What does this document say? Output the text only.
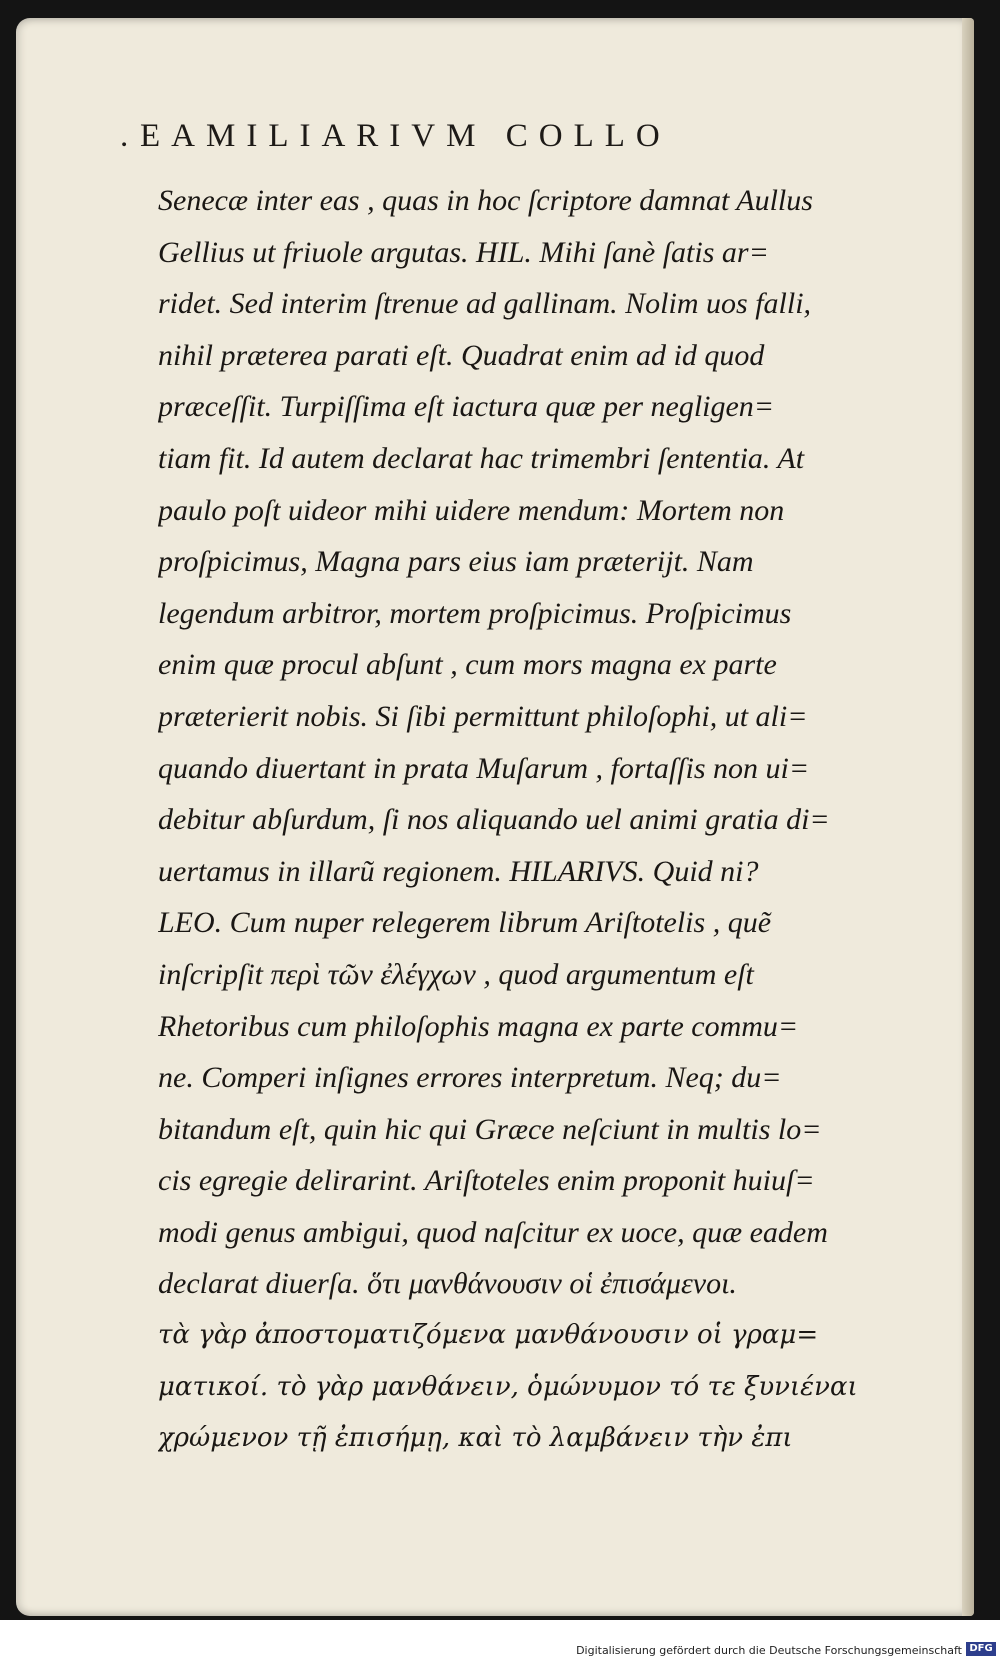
. EAMILIARIVM COLLO
Senecæ inter eas , quas in hoc ſcriptore damnat Aullus
Gellius ut friuole argutas. HIL. Mihi ſanè ſatis ar=
ridet. Sed interim ſtrenue ad gallinam. Nolim uos falli,
nihil præterea parati eſt. Quadrat enim ad id quod
præceſſit. Turpiſſima eſt iactura quæ per negligen=
tiam fit. Id autem declarat hac trimembri ſententia. At
paulo poſt uideor mihi uidere mendum: Mortem non
proſpicimus, Magna pars eius iam præterijt. Nam
legendum arbitror, mortem proſpicimus. Proſpicimus
enim quæ procul abſunt , cum mors magna ex parte
præterierit nobis. Si ſibi permittunt philoſophi, ut ali=
quando diuertant in prata Muſarum , fortaſſis non ui=
debitur abſurdum, ſi nos aliquando uel animi gratia di=
uertamus in illarũ regionem. HILARIVS. Quid ni?
LEO. Cum nuper relegerem librum Ariſtotelis , quẽ
inſcripſit περὶ τῶν ἐλέγχων , quod argumentum eſt
Rhetoribus cum philoſophis magna ex parte commu=
ne. Comperi inſignes errores interpretum. Neq; du=
bitandum eſt, quin hic qui Græce neſciunt in multis lo=
cis egregie delirarint. Ariſtoteles enim proponit huiuſ=
modi genus ambigui, quod naſcitur ex uoce, quæ eadem
declarat diuerſa. ὅτι μανθάνουσιν οἱ ἐπισάμενοι.
τὰ γὰρ ἀποστοματιζόμενα μανθάνουσιν οἱ γραμ=
ματικοί. τὸ γὰρ μανθάνειν, ὁμώνυμον τό τε ξυνιέναι
χρώμενον τῇ ἐπισήμῃ, καὶ τὸ λαμβάνειν τὴν ἐπι
Digitalisierung gefördert durch die Deutsche Forschungsgemeinschaft DFG
